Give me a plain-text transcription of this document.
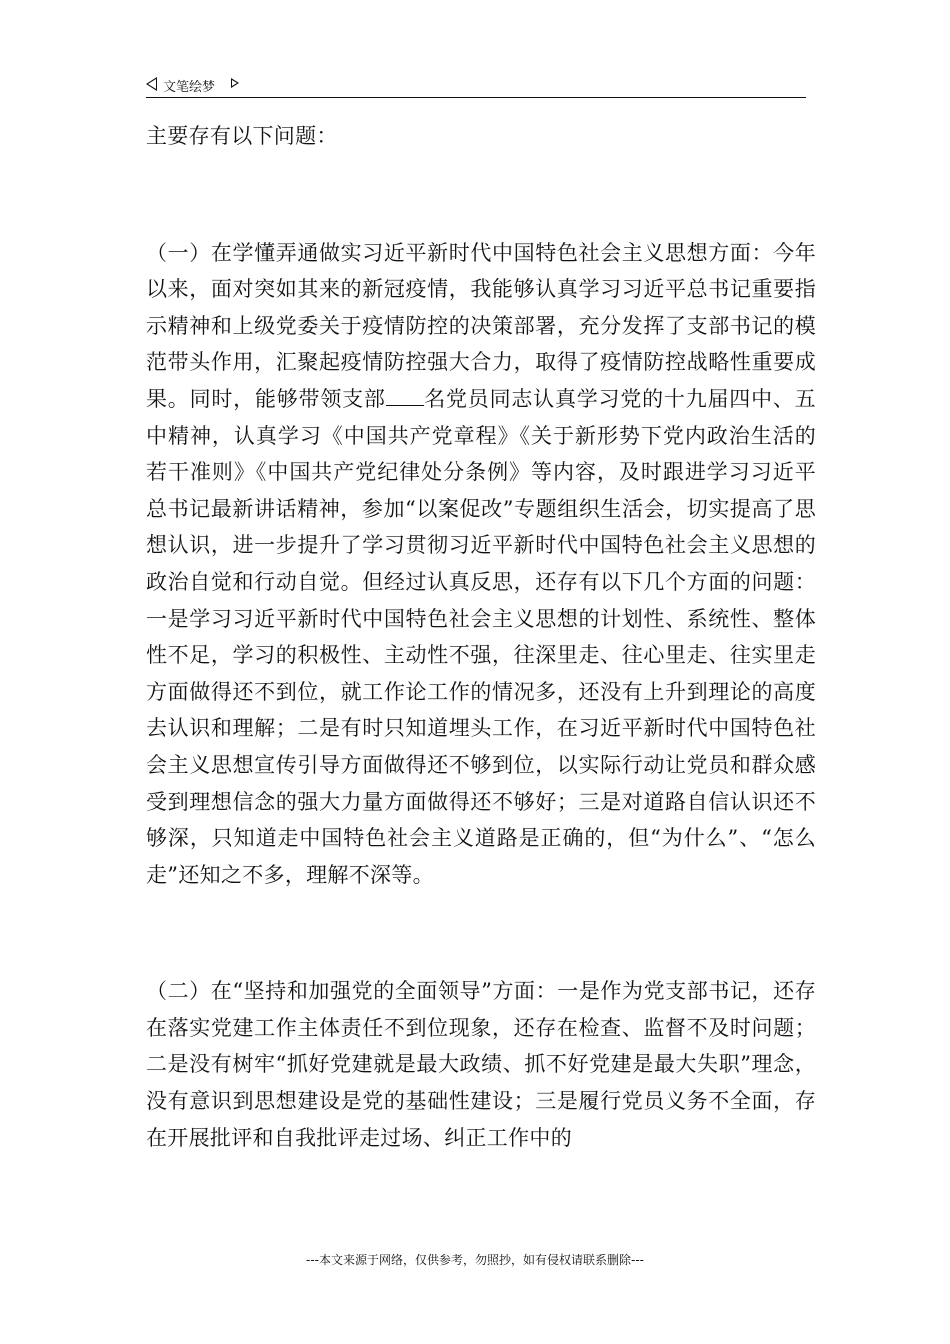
文笔绘梦

主要存有以下问题：

（一）在学懂弄通做实习近平新时代中国特色社会主义思想方面：今年以来，面对突如其来的新冠疫情，我能够认真学习习近平总书记重要指示精神和上级党委关于疫情防控的决策部署，充分发挥了支部书记的模范带头作用，汇聚起疫情防控强大合力，取得了疫情防控战略性重要成果。同时，能够带领支部 名党员同志认真学习党的十九届四中、五中精神，认真学习《中国共产党章程》《关于新形势下党内政治生活的若干准则》《中国共产党纪律处分条例》等内容，及时跟进学习习近平总书记最新讲话精神，参加“以案促改”专题组织生活会，切实提高了思想认识，进一步提升了学习贯彻习近平新时代中国特色社会主义思想的政治自觉和行动自觉。但经过认真反思，还存有以下几个方面的问题：一是学习习近平新时代中国特色社会主义思想的计划性、系统性、整体性不足，学习的积极性、主动性不强，往深里走、往心里走、往实里走方面做得还不到位，就工作论工作的情况多，还没有上升到理论的高度去认识和理解；二是有时只知道埋头工作，在习近平新时代中国特色社会主义思想宣传引导方面做得还不够到位，以实际行动让党员和群众感受到理想信念的强大力量方面做得还不够好；三是对道路自信认识还不够深，只知道走中国特色社会主义道路是正确的，但“为什么”、“怎么走”还知之不多，理解不深等。

（二）在“坚持和加强党的全面领导”方面：一是作为党支部书记，还存在落实党建工作主体责任不到位现象，还存在检查、监督不及时问题；二是没有树牢“抓好党建就是最大政绩、抓不好党建是最大失职”理念，没有意识到思想建设是党的基础性建设；三是履行党员义务不全面，存在开展批评和自我批评走过场、纠正工作中的

---本文来源于网络，仅供参考，勿照抄，如有侵权请联系删除---
